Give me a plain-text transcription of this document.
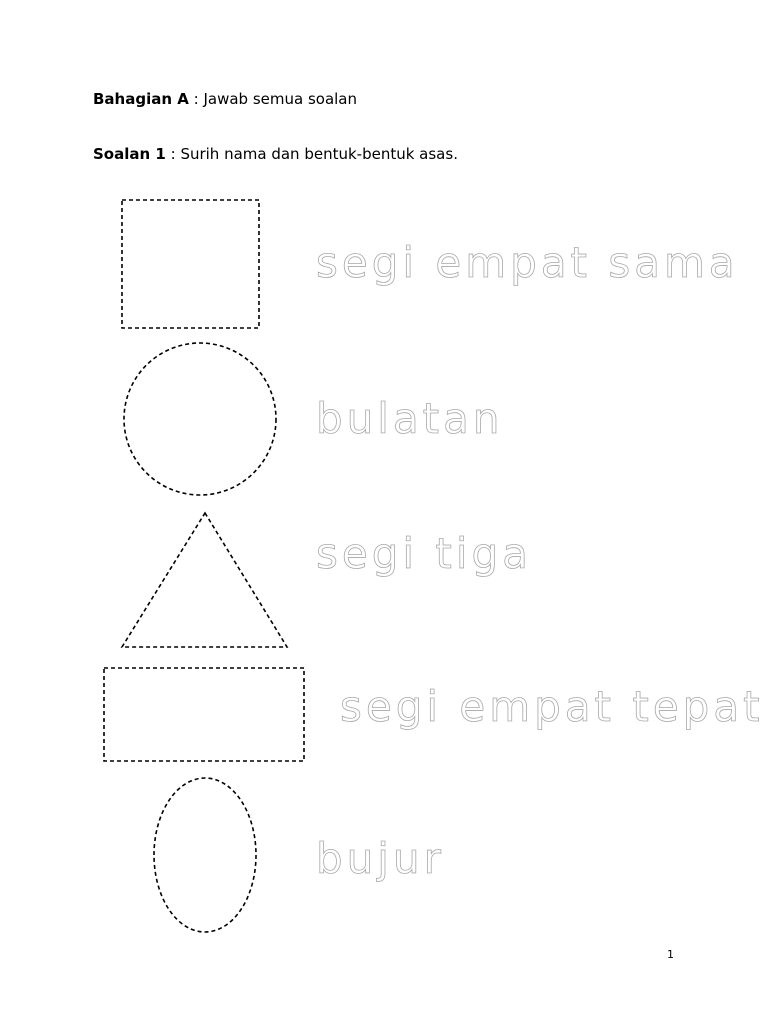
Bahagian A : Jawab semua soalan
Soalan 1 : Surih nama dan bentuk-bentuk asas.
segi empat sama
bulatan
segi tiga
segi empat tepat
bujur
1
